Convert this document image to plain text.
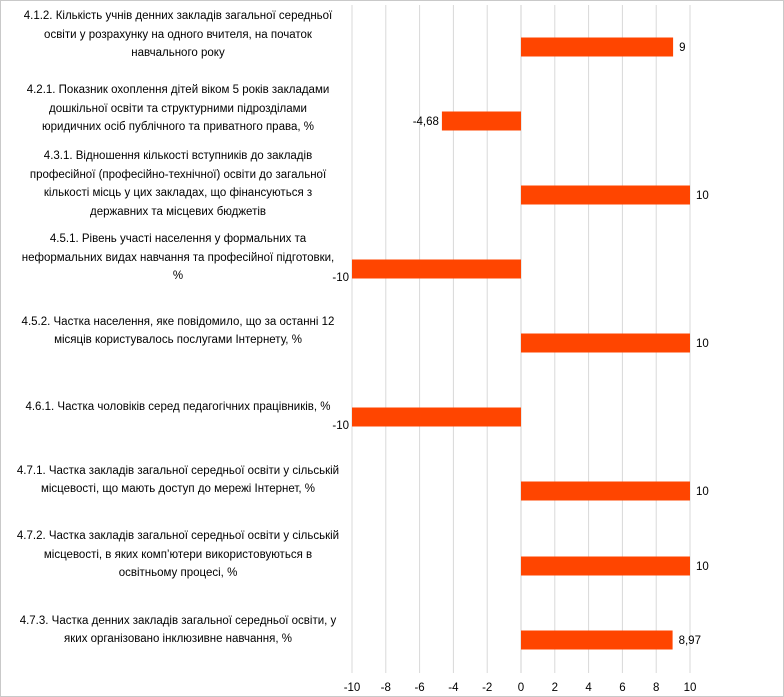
9
-4,68
10
-10
10
-10
10
10
8,97
-10 -8 -6 -4 -2 0 2 4 6 8 10
4.1.2. Кількість учнів денних закладів загальної середньої
освіти у розрахунку на одного вчителя, на початок
навчального року
4.2.1. Показник охоплення дітей віком 5 років закладами
дошкільної освіти та структурними підрозділами
юридичних осіб публічного та приватного права, %
4.3.1. Відношення кількості вступників до закладів
професійної (професійно-технічної) освіти до загальної
кількості місць у цих закладах, що фінансуються з
державних та місцевих бюджетів
4.5.1. Рівень участі населення у формальних та
неформальних видах навчання та професійної підготовки,
%
4.5.2. Частка населення, яке повідомило, що за останні 12
місяців користувалось послугами Інтернету, %
4.6.1. Частка чоловіків серед педагогічних працівників, %
4.7.1. Частка закладів загальної середньої освіти у сільській
місцевості, що мають доступ до мережі Інтернет, %
4.7.2. Частка закладів загальної середньої освіти у сільській
місцевості, в яких комп’ютери використовуються в
освітньому процесі, %
4.7.3. Частка денних закладів загальної середньої освіти, у
яких організовано інклюзивне навчання, %
